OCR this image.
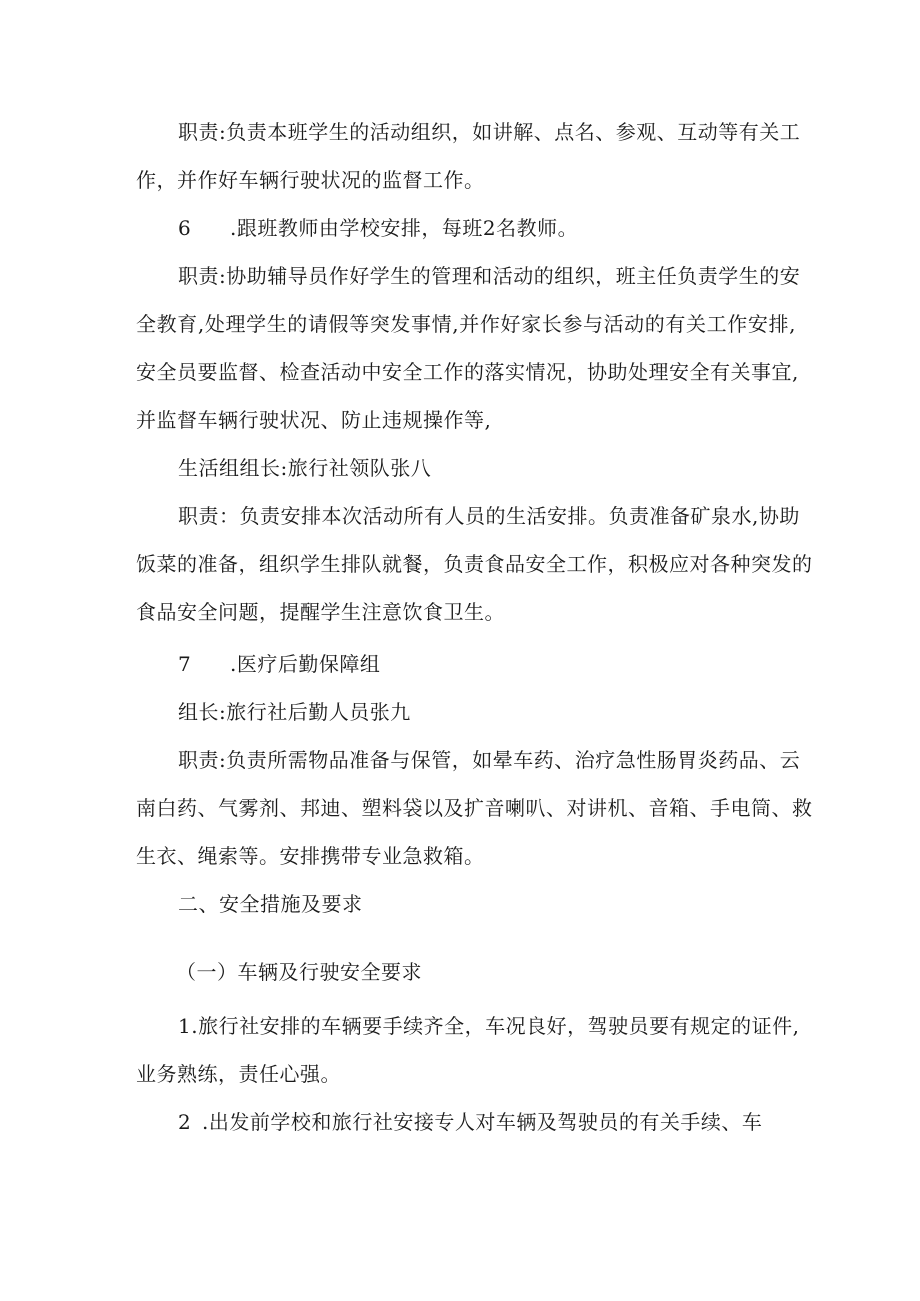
职责:负责本班学生的活动组织，如讲解、点名、参观、互动等有关工
作，并作好车辆行驶状况的监督工作。
6 .跟班教师由学校安排，每班2名教师。
职责:协助辅导员作好学生的管理和活动的组织，班主任负责学生的安
全教育,处理学生的请假等突发事情,并作好家长参与活动的有关工作安排,
安全员要监督、检查活动中安全工作的落实情况，协助处理安全有关事宜,
并监督车辆行驶状况、防止违规操作等,
生活组组长:旅行社领队张八
职责：负责安排本次活动所有人员的生活安排。负责准备矿泉水,协助
饭菜的准备，组织学生排队就餐，负责食品安全工作，积极应对各种突发的
食品安全问题，提醒学生注意饮食卫生。
7 .医疗后勤保障组
组长:旅行社后勤人员张九
职责:负责所需物品准备与保管，如晕车药、治疗急性肠胃炎药品、云
南白药、气雾剂、邦迪、塑料袋以及扩音喇叭、对讲机、音箱、手电筒、救
生衣、绳索等。安排携带专业急救箱。
二、安全措施及要求
（一）车辆及行驶安全要求
1.旅行社安排的车辆要手续齐全，车况良好，驾驶员要有规定的证件,
业务熟练，责任心强。
2 .出发前学校和旅行社安接专人对车辆及驾驶员的有关手续、车
